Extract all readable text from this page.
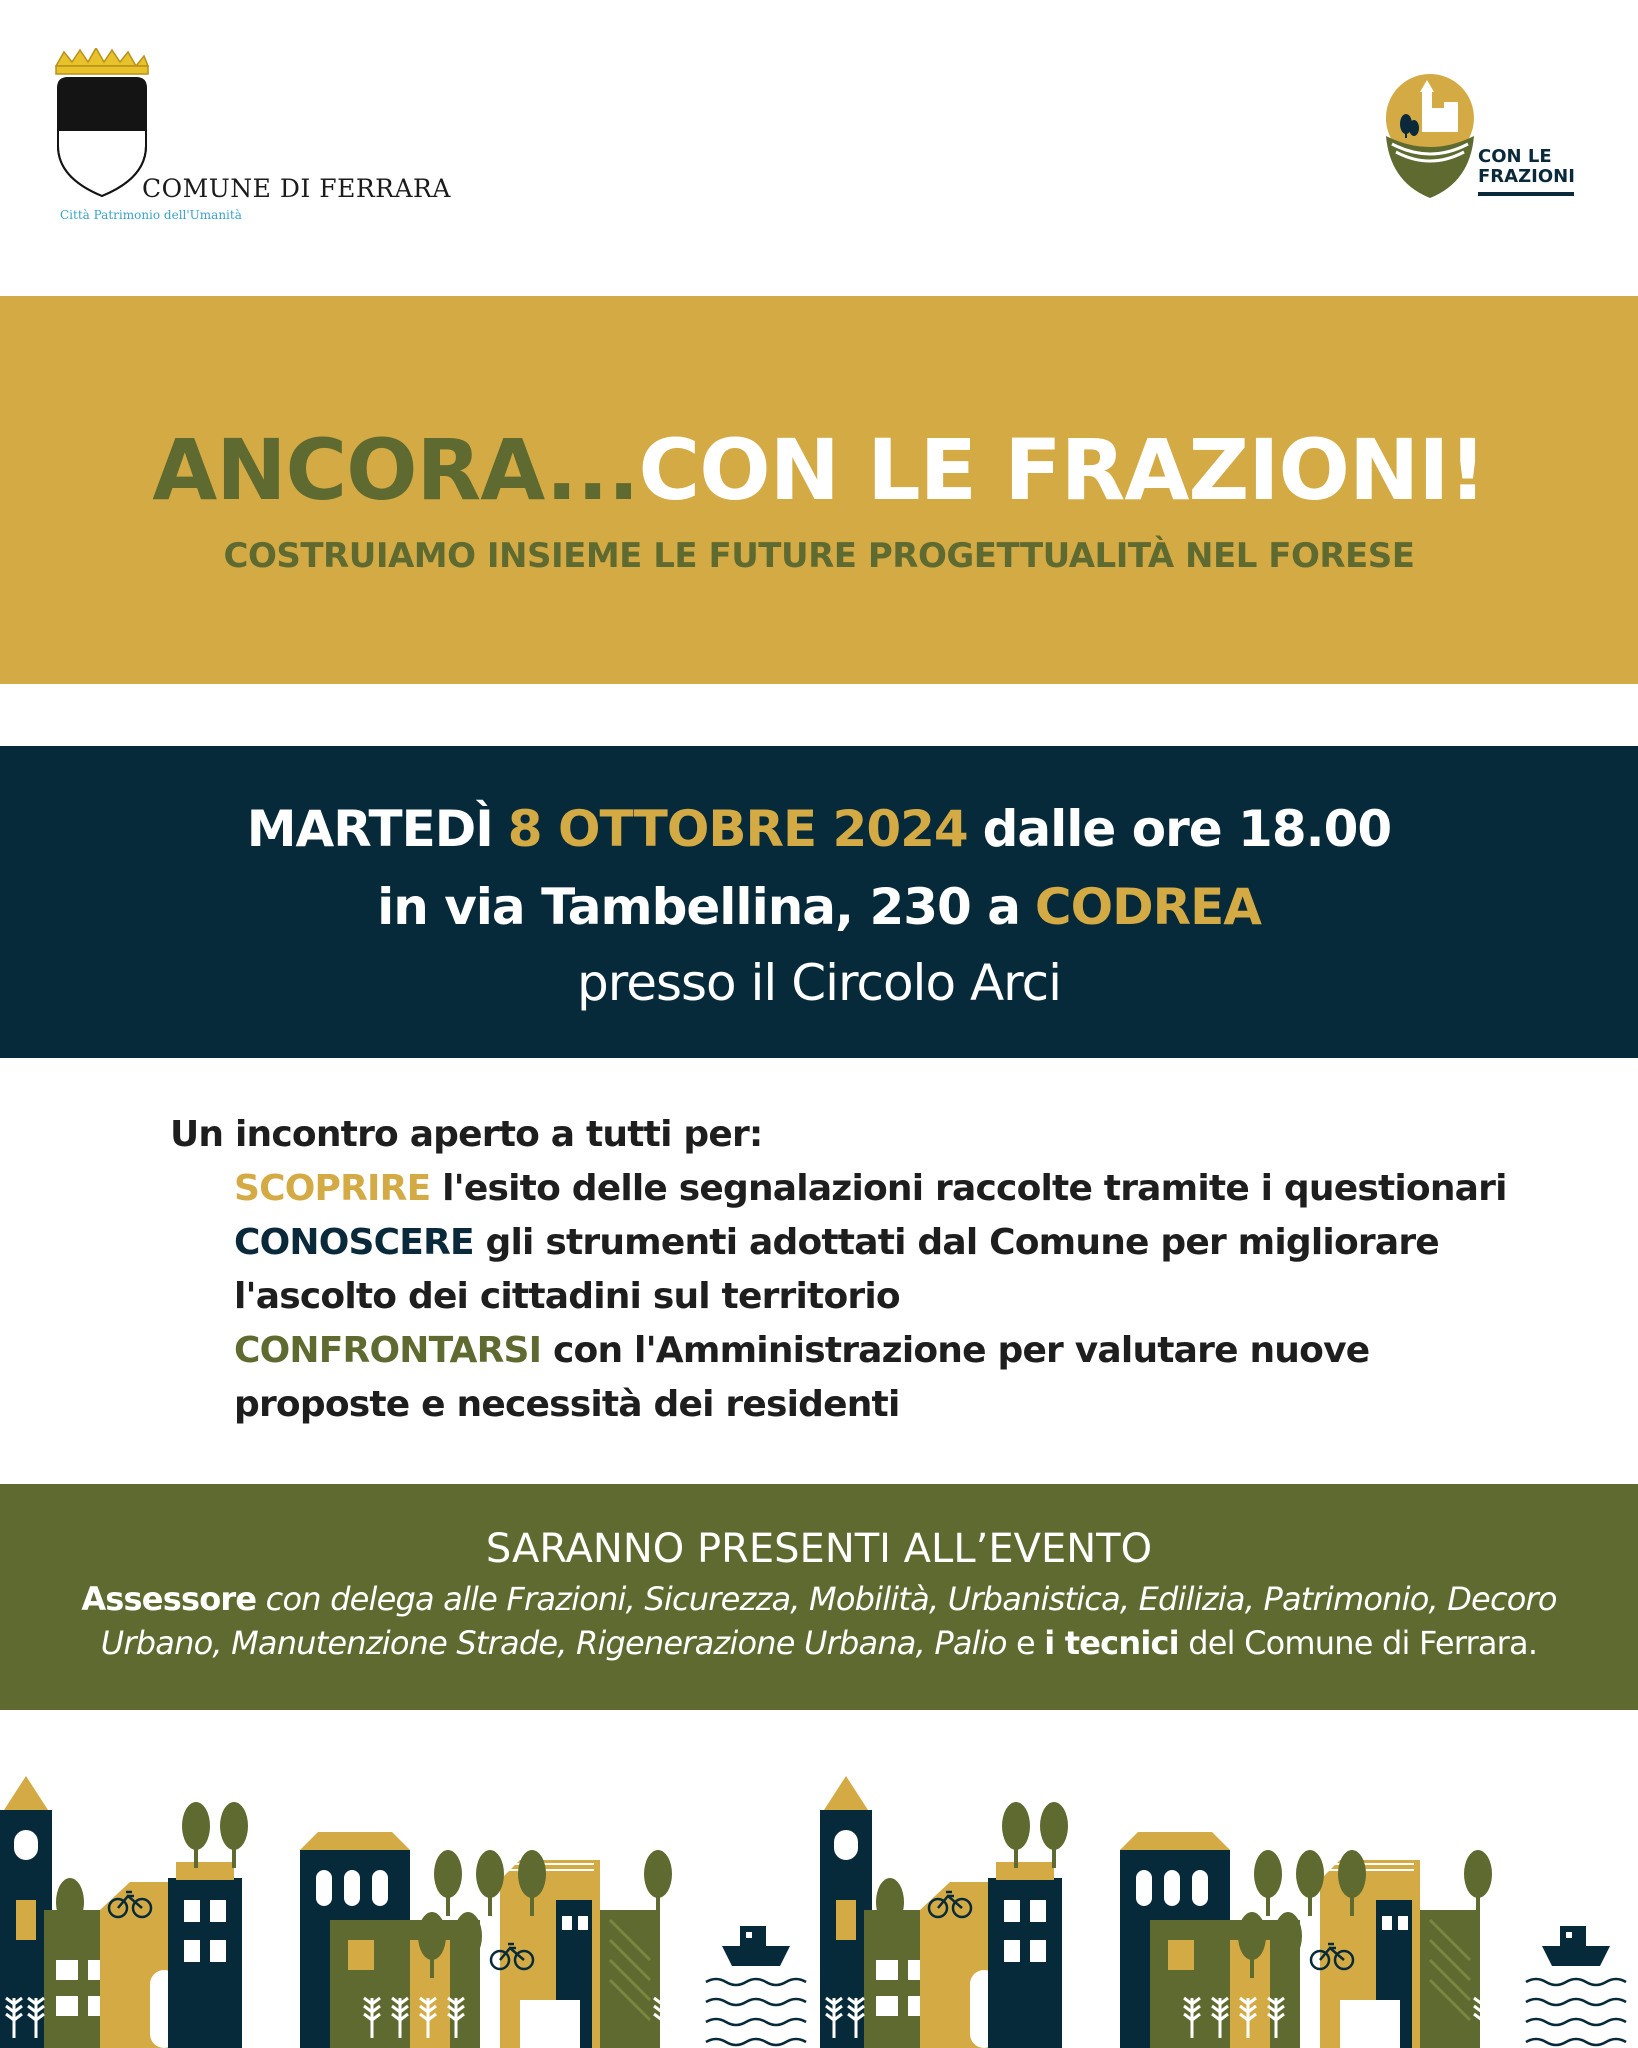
COMUNE DI FERRARA
Città Patrimonio dell'Umanità
CON LE
FRAZIONI
ANCORA...CON LE FRAZIONI!
COSTRUIAMO INSIEME LE FUTURE PROGETTUALITÀ NEL FORESE
MARTEDÌ 8 OTTOBRE 2024 dalle ore 18.00
in via Tambellina, 230 a CODREA
presso il Circolo Arci
Un incontro aperto a tutti per:
SCOPRIRE l'esito delle segnalazioni raccolte tramite i questionari
CONOSCERE gli strumenti adottati dal Comune per migliorare
l'ascolto dei cittadini sul territorio
CONFRONTARSI con l'Amministrazione per valutare nuove
proposte e necessità dei residenti
SARANNO PRESENTI ALL’EVENTO
Assessore con delega alle Frazioni, Sicurezza, Mobilità, Urbanistica, Edilizia, Patrimonio, Decoro
Urbano, Manutenzione Strade, Rigenerazione Urbana, Palio e i tecnici del Comune di Ferrara.
